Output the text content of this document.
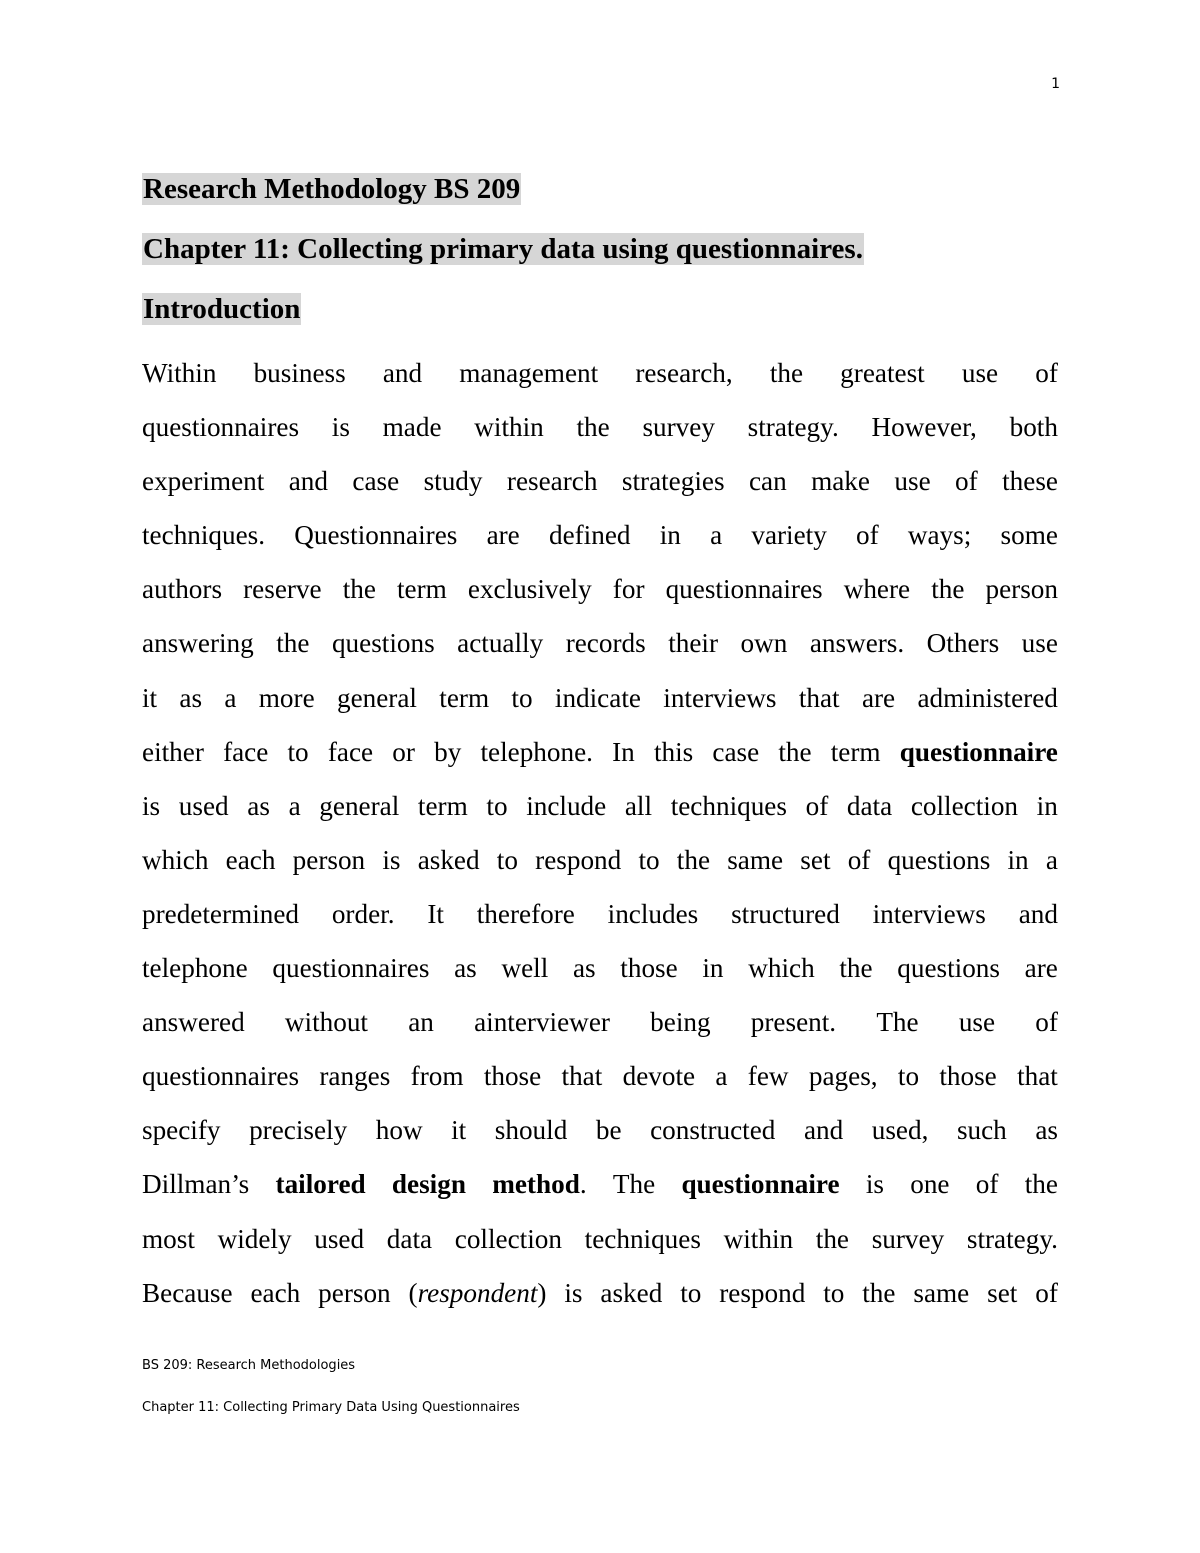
1
Research Methodology BS 209
Chapter 11: Collecting primary data using questionnaires.
Introduction
Within business and management research, the greatest use of
questionnaires is made within the survey strategy. However, both
experiment and case study research strategies can make use of these
techniques. Questionnaires are defined in a variety of ways; some
authors reserve the term exclusively for questionnaires where the person
answering the questions actually records their own answers. Others use
it as a more general term to indicate interviews that are administered
either face to face or by telephone. In this case the term questionnaire
is used as a general term to include all techniques of data collection in
which each person is asked to respond to the same set of questions in a
predetermined order. It therefore includes structured interviews and
telephone questionnaires as well as those in which the questions are
answered without an ainterviewer being present. The use of
questionnaires ranges from those that devote a few pages, to those that
specify precisely how it should be constructed and used, such as
Dillman’s tailored design method. The questionnaire is one of the
most widely used data collection techniques within the survey strategy.
Because each person (respondent) is asked to respond to the same set of
BS 209: Research Methodologies
Chapter 11: Collecting Primary Data Using Questionnaires
